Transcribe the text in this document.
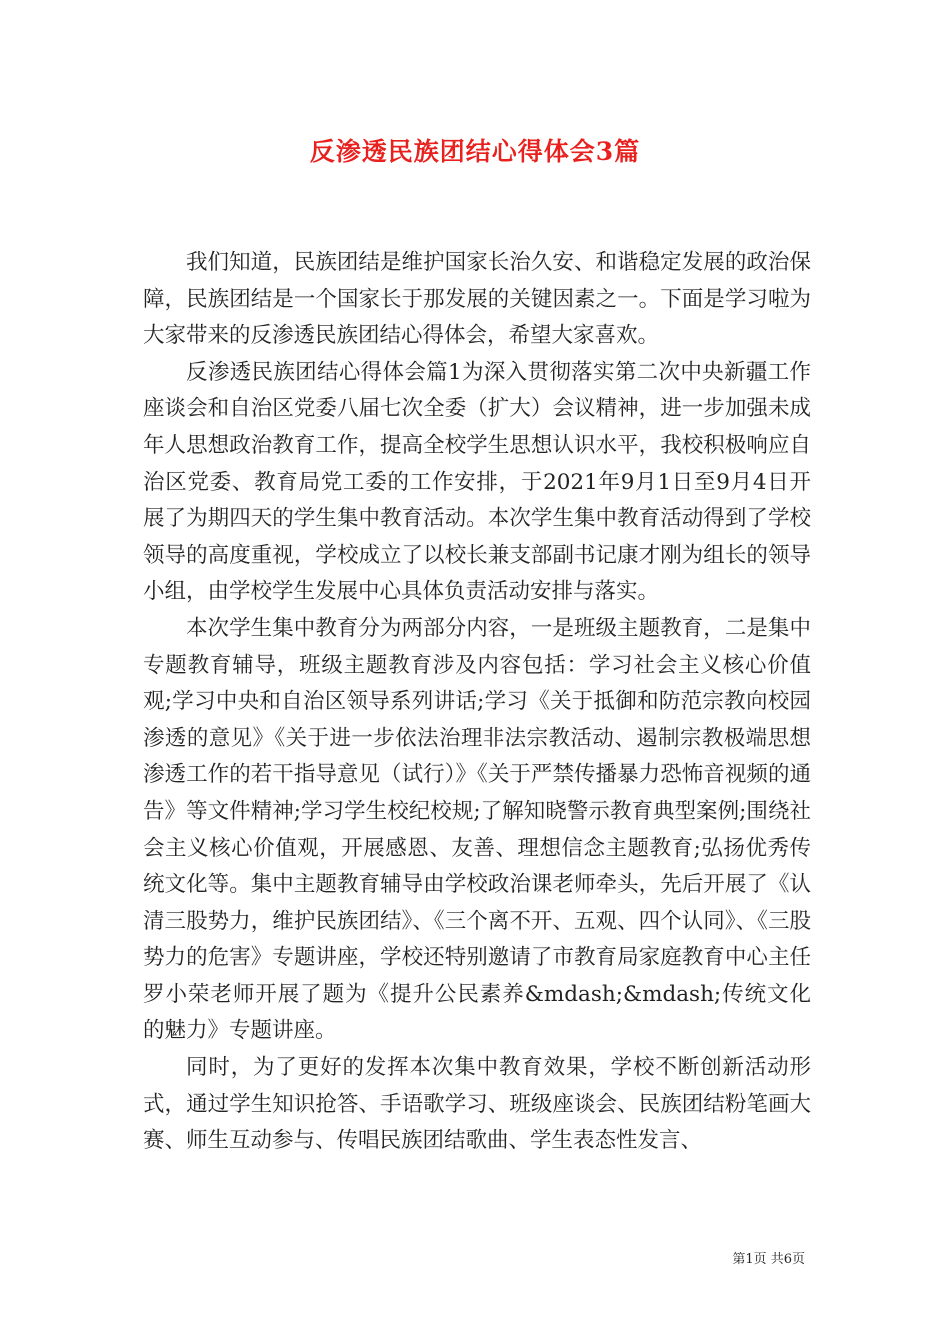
反渗透民族团结心得体会3篇

我们知道，民族团结是维护国家长治久安、和谐稳定发展的政治保障，民族团结是一个国家长于那发展的关键因素之一。下面是学习啦为大家带来的反渗透民族团结心得体会，希望大家喜欢。

反渗透民族团结心得体会篇1为深入贯彻落实第二次中央新疆工作座谈会和自治区党委八届七次全委（扩大）会议精神，进一步加强未成年人思想政治教育工作，提高全校学生思想认识水平，我校积极响应自治区党委、教育局党工委的工作安排，于2021年9月1日至9月4日开展了为期四天的学生集中教育活动。本次学生集中教育活动得到了学校领导的高度重视，学校成立了以校长兼支部副书记康才刚为组长的领导小组，由学校学生发展中心具体负责活动安排与落实。

本次学生集中教育分为两部分内容，一是班级主题教育，二是集中专题教育辅导，班级主题教育涉及内容包括：学习社会主义核心价值观;学习中央和自治区领导系列讲话;学习《关于抵御和防范宗教向校园渗透的意见》《关于进一步依法治理非法宗教活动、遏制宗教极端思想渗透工作的若干指导意见（试行）》《关于严禁传播暴力恐怖音视频的通告》等文件精神;学习学生校纪校规;了解知晓警示教育典型案例;围绕社会主义核心价值观，开展感恩、友善、理想信念主题教育;弘扬优秀传统文化等。集中主题教育辅导由学校政治课老师牵头，先后开展了《认清三股势力，维护民族团结》、《三个离不开、五观、四个认同》、《三股势力的危害》专题讲座，学校还特别邀请了市教育局家庭教育中心主任罗小荣老师开展了题为《提升公民素养&mdash;&mdash;传统文化的魅力》专题讲座。

同时，为了更好的发挥本次集中教育效果，学校不断创新活动形式，通过学生知识抢答、手语歌学习、班级座谈会、民族团结粉笔画大赛、师生互动参与、传唱民族团结歌曲、学生表态性发言、

第1页 共6页
